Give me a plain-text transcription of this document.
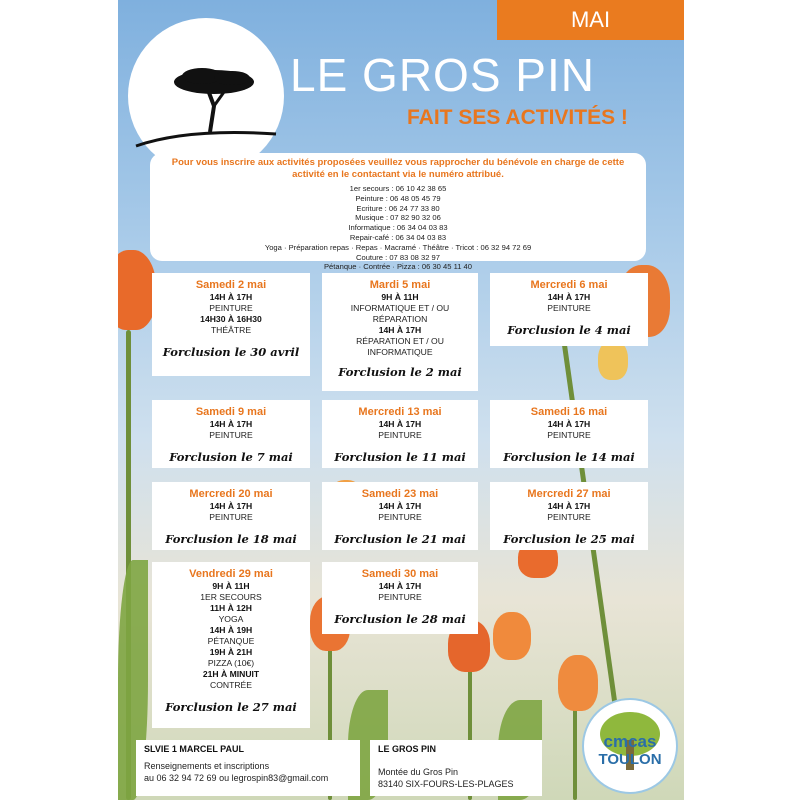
MAI
LE GROS PIN
FAIT SES ACTIVITÉS !
Pour vous inscrire aux activités proposées veuillez vous rapprocher du bénévole en charge de cette activité en le contactant via le numéro attribué.
1er secours : 06 10 42 38 65
Peinture : 06 48 05 45 79
Ecriture : 06 24 77 33 80
Musique : 07 82 90 32 06
Informatique : 06 34 04 03 83
Repair-café : 06 34 04 03 83
Yoga · Préparation repas · Repas · Macramé · Théâtre · Tricot : 06 32 94 72 69
Couture : 07 83 08 32 97
Pétanque · Contrée · Pizza : 06 30 45 11 40
Samedi 2 mai
14H À 17H
PEINTURE
14H30 À 16H30
THÉÂTRE
Forclusion le 30 avril
Mardi 5 mai
9H À 11H
INFORMATIQUE ET / OU RÉPARATION
14H À 17H
RÉPARATION ET / OU INFORMATIQUE
Forclusion le 2 mai
Mercredi 6 mai
14H À 17H
PEINTURE
Forclusion le 4 mai
Samedi 9 mai
14H À 17H
PEINTURE
Forclusion le 7 mai
Mercredi 13 mai
14H À 17H
PEINTURE
Forclusion le 11 mai
Samedi 16 mai
14H À 17H
PEINTURE
Forclusion le 14 mai
Mercredi 20 mai
14H À 17H
PEINTURE
Forclusion le 18 mai
Samedi 23 mai
14H À 17H
PEINTURE
Forclusion le 21 mai
Mercredi 27 mai
14H À 17H
PEINTURE
Forclusion le 25 mai
Vendredi 29 mai
9H À 11H
1ER SECOURS
11H À 12H
YOGA
14H À 19H
PÉTANQUE
19H À 21H
PIZZA (10€)
21H À MINUIT
CONTRÉE
Forclusion le 27 mai
Samedi 30 mai
14H À 17H
PEINTURE
Forclusion le 28 mai
SLVIE 1 MARCEL PAUL
Renseignements et inscriptions
au 06 32 94 72 69 ou legrospin83@gmail.com
LE GROS PIN
Montée du Gros Pin
83140 SIX-FOURS-LES-PLAGES
cmcas
TOULON
